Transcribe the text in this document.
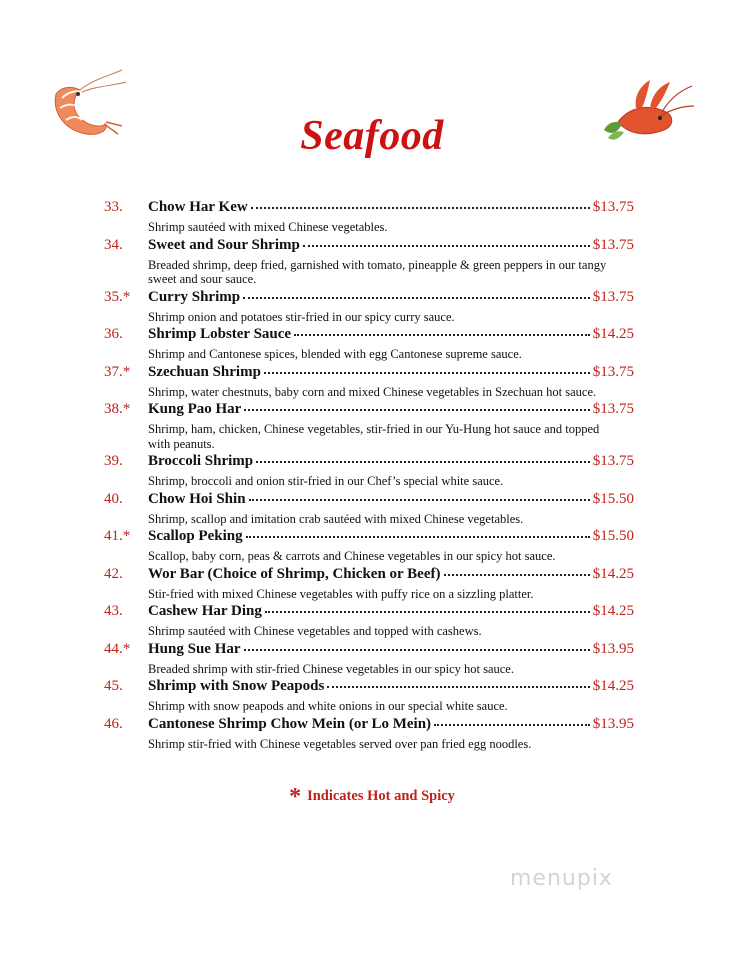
Seafood
33.	Chow Har Kew	$13.75
Shrimp sautéed with mixed Chinese vegetables.
34.	Sweet and Sour Shrimp	$13.75
Breaded shrimp, deep fried, garnished with tomato, pineapple & green peppers in our tangy sweet and sour sauce.
35.*	Curry Shrimp	$13.75
Shrimp onion and potatoes stir-fried in our spicy curry sauce.
36.	Shrimp Lobster Sauce	$14.25
Shrimp and Cantonese spices, blended with egg Cantonese supreme sauce.
37.*	Szechuan Shrimp	$13.75
Shrimp, water chestnuts, baby corn and mixed Chinese vegetables in Szechuan hot sauce.
38.*	Kung Pao Har	$13.75
Shrimp, ham, chicken, Chinese vegetables, stir-fried in our Yu-Hung hot sauce and topped with peanuts.
39.	Broccoli Shrimp	$13.75
Shrimp, broccoli and onion stir-fried in our Chef’s special white sauce.
40.	Chow Hoi Shin	$15.50
Shrimp, scallop and imitation crab sautéed with mixed Chinese vegetables.
41.*	Scallop Peking	$15.50
Scallop, baby corn, peas & carrots and Chinese vegetables in our spicy hot sauce.
42.	Wor Bar (Choice of Shrimp, Chicken or Beef)	$14.25
Stir-fried with mixed Chinese vegetables with puffy rice on a sizzling platter.
43.	Cashew Har Ding	$14.25
Shrimp sautéed with Chinese vegetables and topped with cashews.
44.*	Hung Sue Har	$13.95
Breaded shrimp with stir-fried Chinese vegetables in our spicy hot sauce.
45.	Shrimp with Snow Peapods	$14.25
Shrimp with snow peapods and white onions in our special white sauce.
46.	Cantonese Shrimp Chow Mein (or Lo Mein)	$13.95
Shrimp stir-fried with Chinese vegetables served over pan fried egg noodles.
* Indicates Hot and Spicy
menupix
